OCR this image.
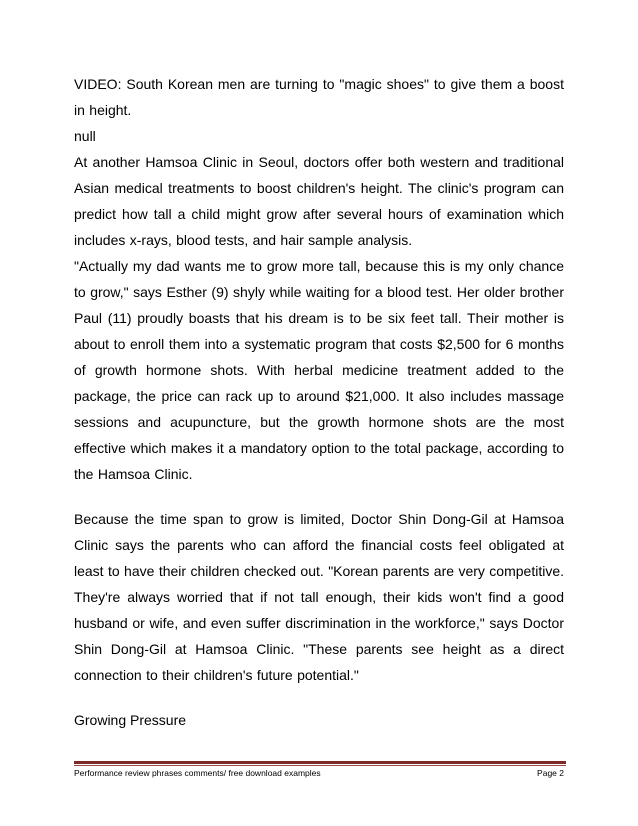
VIDEO: South Korean men are turning to "magic shoes" to give them a boost in height.

null

At another Hamsoa Clinic in Seoul, doctors offer both western and traditional Asian medical treatments to boost children's height. The clinic's program can predict how tall a child might grow after several hours of examination which includes x-rays, blood tests, and hair sample analysis.

"Actually my dad wants me to grow more tall, because this is my only chance to grow," says Esther (9) shyly while waiting for a blood test. Her older brother Paul (11) proudly boasts that his dream is to be six feet tall. Their mother is about to enroll them into a systematic program that costs $2,500 for 6 months of growth hormone shots. With herbal medicine treatment added to the package, the price can rack up to around $21,000. It also includes massage sessions and acupuncture, but the growth hormone shots are the most effective which makes it a mandatory option to the total package, according to the Hamsoa Clinic.

Because the time span to grow is limited, Doctor Shin Dong-Gil at Hamsoa Clinic says the parents who can afford the financial costs feel obligated at least to have their children checked out. "Korean parents are very competitive. They're always worried that if not tall enough, their kids won't find a good husband or wife, and even suffer discrimination in the workforce," says Doctor Shin Dong-Gil at Hamsoa Clinic. "These parents see height as a direct connection to their children's future potential."

Growing Pressure

Performance review phrases comments/ free download examples	Page 2
